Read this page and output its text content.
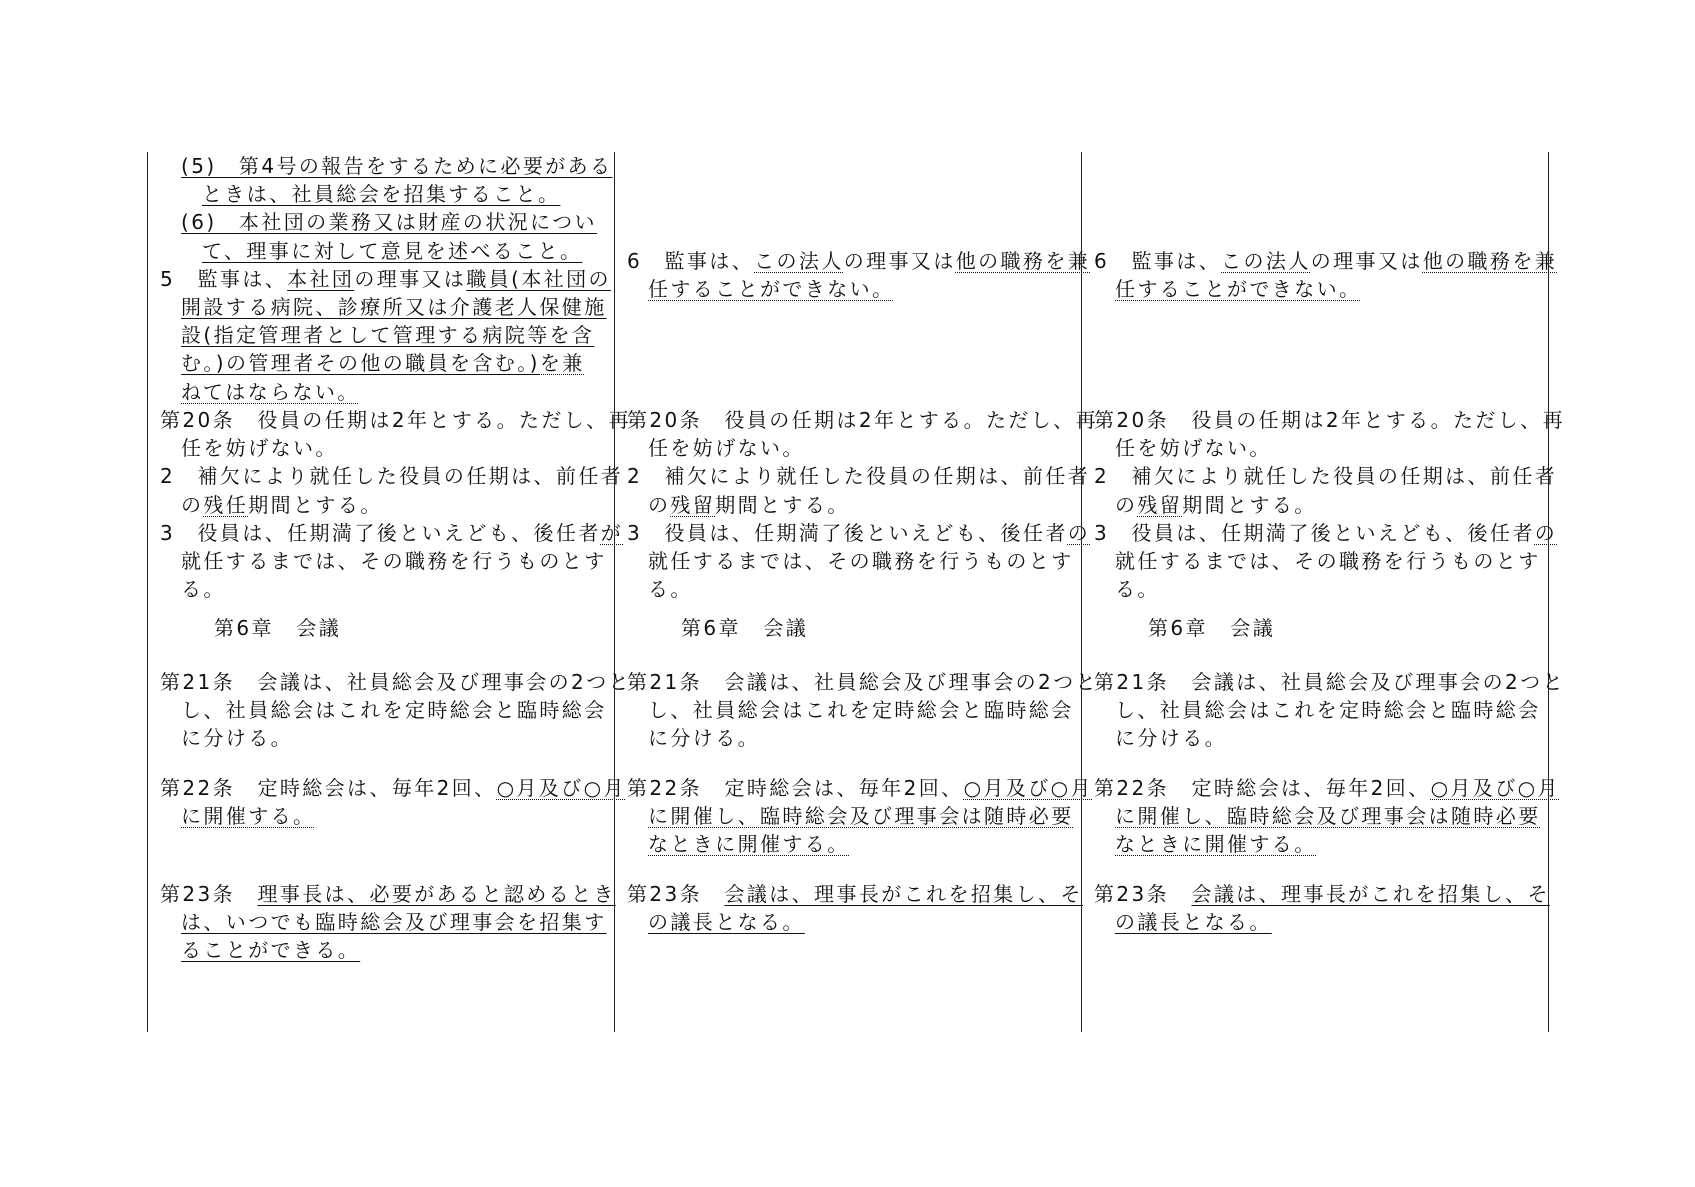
(5)　第4号の報告をするために必要がある
ときは、社員総会を招集すること。
(6)　本社団の業務又は財産の状況につい
て、理事に対して意見を述べること。
5　監事は、本社団の理事又は職員(本社団の
開設する病院、診療所又は介護老人保健施
設(指定管理者として管理する病院等を含
む。)の管理者その他の職員を含む。)を兼
ねてはならない。
第20条　役員の任期は2年とする。ただし、再
任を妨げない。
2　補欠により就任した役員の任期は、前任者
の残任期間とする。
3　役員は、任期満了後といえども、後任者が
就任するまでは、その職務を行うものとす
る。
第6章　会議
第21条　会議は、社員総会及び理事会の2つと
し、社員総会はこれを定時総会と臨時総会
に分ける。
第22条　定時総会は、毎年2回、○月及び○月
に開催する。
第23条　理事長は、必要があると認めるとき
は、いつでも臨時総会及び理事会を招集す
ることができる。
6　監事は、この法人の理事又は他の職務を兼
任することができない。
第20条　役員の任期は2年とする。ただし、再
任を妨げない。
2　補欠により就任した役員の任期は、前任者
の残留期間とする。
3　役員は、任期満了後といえども、後任者の
就任するまでは、その職務を行うものとす
る。
第6章　会議
第21条　会議は、社員総会及び理事会の2つと
し、社員総会はこれを定時総会と臨時総会
に分ける。
第22条　定時総会は、毎年2回、○月及び○月
に開催し、臨時総会及び理事会は随時必要
なときに開催する。
第23条　会議は、理事長がこれを招集し、そ
の議長となる。
6　監事は、この法人の理事又は他の職務を兼
任することができない。
第20条　役員の任期は2年とする。ただし、再
任を妨げない。
2　補欠により就任した役員の任期は、前任者
の残留期間とする。
3　役員は、任期満了後といえども、後任者の
就任するまでは、その職務を行うものとす
る。
第6章　会議
第21条　会議は、社員総会及び理事会の2つと
し、社員総会はこれを定時総会と臨時総会
に分ける。
第22条　定時総会は、毎年2回、○月及び○月
に開催し、臨時総会及び理事会は随時必要
なときに開催する。
第23条　会議は、理事長がこれを招集し、そ
の議長となる。
